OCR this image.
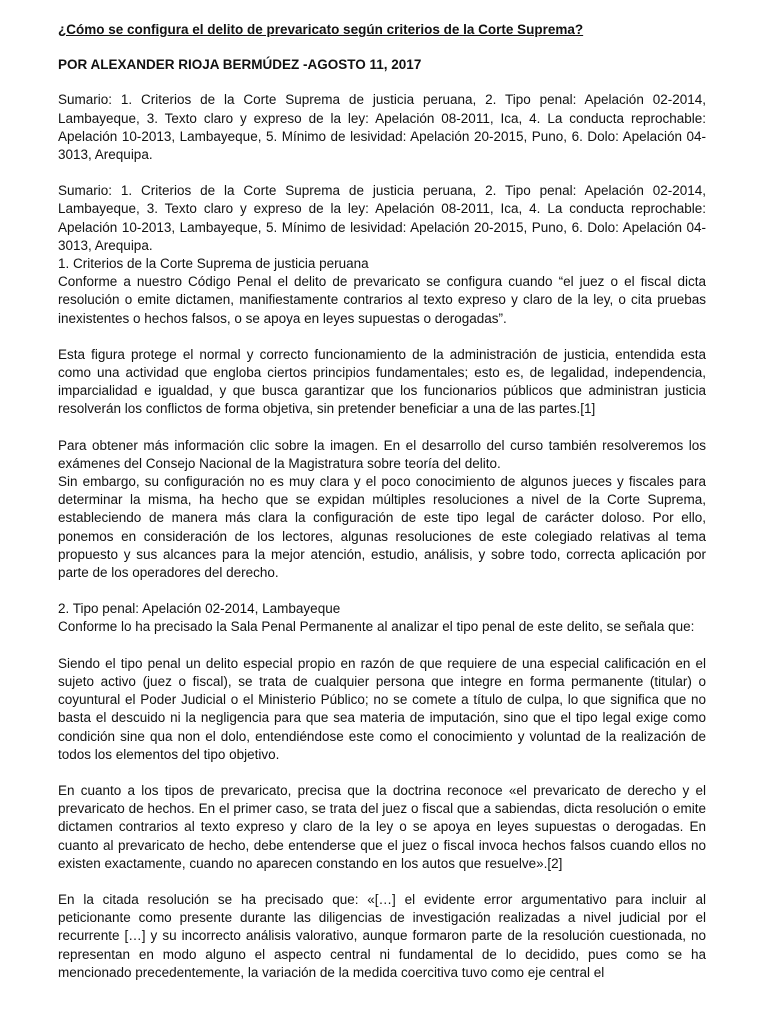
¿Cómo se configura el delito de prevaricato según criterios de la Corte Suprema?
POR ALEXANDER RIOJA BERMÚDEZ -AGOSTO 11, 2017

Sumario: 1. Criterios de la Corte Suprema de justicia peruana, 2. Tipo penal: Apelación 02-2014, Lambayeque, 3. Texto claro y expreso de la ley: Apelación 08-2011, Ica, 4. La conducta reprochable: Apelación 10-2013, Lambayeque, 5. Mínimo de lesividad: Apelación 20-2015, Puno, 6. Dolo: Apelación 04-3013, Arequipa.

Sumario: 1. Criterios de la Corte Suprema de justicia peruana, 2. Tipo penal: Apelación 02-2014, Lambayeque, 3. Texto claro y expreso de la ley: Apelación 08-2011, Ica, 4. La conducta reprochable: Apelación 10-2013, Lambayeque, 5. Mínimo de lesividad: Apelación 20-2015, Puno, 6. Dolo: Apelación 04-3013, Arequipa.

1. Criterios de la Corte Suprema de justicia peruana

Conforme a nuestro Código Penal el delito de prevaricato se configura cuando “el juez o el fiscal dicta resolución o emite dictamen, manifiestamente contrarios al texto expreso y claro de la ley, o cita pruebas inexistentes o hechos falsos, o se apoya en leyes supuestas o derogadas”.

Esta figura protege el normal y correcto funcionamiento de la administración de justicia, entendida esta como una actividad que engloba ciertos principios fundamentales; esto es, de legalidad, independencia, imparcialidad e igualdad, y que busca garantizar que los funcionarios públicos que administran justicia resolverán los conflictos de forma objetiva, sin pretender beneficiar a una de las partes.[1]

Para obtener más información clic sobre la imagen. En el desarrollo del curso también resolveremos los exámenes del Consejo Nacional de la Magistratura sobre teoría del delito.

Sin embargo, su configuración no es muy clara y el poco conocimiento de algunos jueces y fiscales para determinar la misma, ha hecho que se expidan múltiples resoluciones a nivel de la Corte Suprema, estableciendo de manera más clara la configuración de este tipo legal de carácter doloso. Por ello, ponemos en consideración de los lectores, algunas resoluciones de este colegiado relativas al tema propuesto y sus alcances para la mejor atención, estudio, análisis, y sobre todo, correcta aplicación por parte de los operadores del derecho.

2. Tipo penal: Apelación 02-2014, Lambayeque

Conforme lo ha precisado la Sala Penal Permanente al analizar el tipo penal de este delito, se señala que:

Siendo el tipo penal un delito especial propio en razón de que requiere de una especial calificación en el sujeto activo (juez o fiscal), se trata de cualquier persona que integre en forma permanente (titular) o coyuntural el Poder Judicial o el Ministerio Público; no se comete a título de culpa, lo que significa que no basta el descuido ni la negligencia para que sea materia de imputación, sino que el tipo legal exige como condición sine qua non el dolo, entendiéndose este como el conocimiento y voluntad de la realización de todos los elementos del tipo objetivo.

En cuanto a los tipos de prevaricato, precisa que la doctrina reconoce «el prevaricato de derecho y el prevaricato de hechos. En el primer caso, se trata del juez o fiscal que a sabiendas, dicta resolución o emite dictamen contrarios al texto expreso y claro de la ley o se apoya en leyes supuestas o derogadas. En cuanto al prevaricato de hecho, debe entenderse que el juez o fiscal invoca hechos falsos cuando ellos no existen exactamente, cuando no aparecen constando en los autos que resuelve».[2]

En la citada resolución se ha precisado que: «[…] el evidente error argumentativo para incluir al peticionante como presente durante las diligencias de investigación realizadas a nivel judicial por el recurrente […] y su incorrecto análisis valorativo, aunque formaron parte de la resolución cuestionada, no representan en modo alguno el aspecto central ni fundamental de lo decidido, pues como se ha mencionado precedentemente, la variación de la medida coercitiva tuvo como eje central el
